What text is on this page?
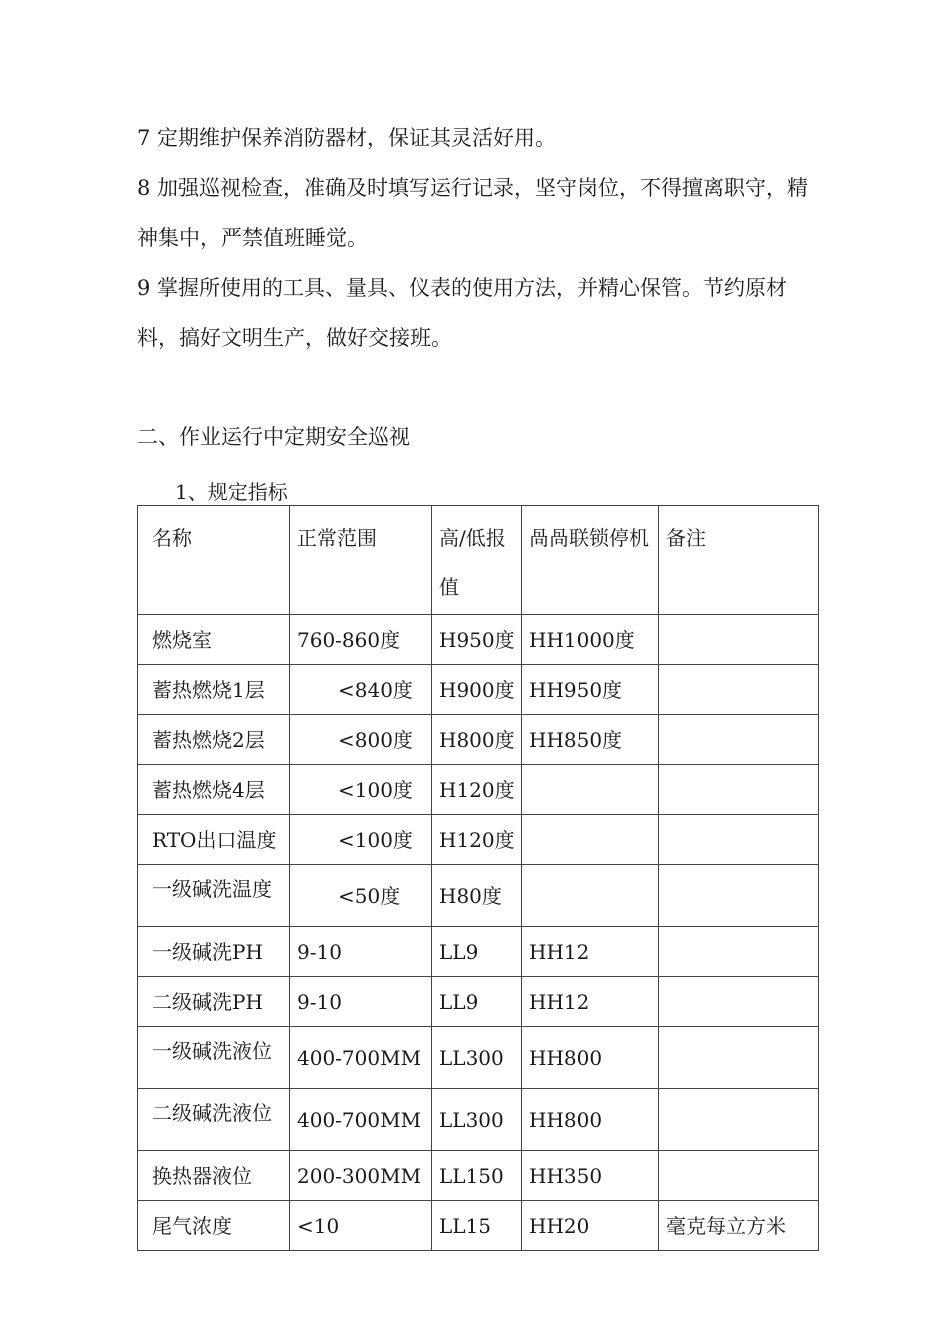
7 定期维护保养消防器材，保证其灵活好用。

8 加强巡视检查，准确及时填写运行记录，坚守岗位，不得擅离职守，精神集中，严禁值班睡觉。

9 掌握所使用的工具、量具、仪表的使用方法，并精心保管。节约原材料，搞好文明生产，做好交接班。

二、作业运行中定期安全巡视
1、规定指标
名称	正常范围	高/低报值	咼咼联锁停机	备注
燃烧室	760-860度	H950度	HH1000度	
蓄热燃烧1层	<840度	H900度	HH950度	
蓄热燃烧2层	<800度	H800度	HH850度	
蓄热燃烧4层	<100度	H120度		
RTO出口温度	<100度	H120度		
一级碱洗温度	<50度	H80度		
一级碱洗PH	9-10	LL9	HH12	
二级碱洗PH	9-10	LL9	HH12	
一级碱洗液位	400-700MM	LL300	HH800	
二级碱洗液位	400-700MM	LL300	HH800	
换热器液位	200-300MM	LL150	HH350	
尾气浓度	<10	LL15	HH20	毫克每立方米
